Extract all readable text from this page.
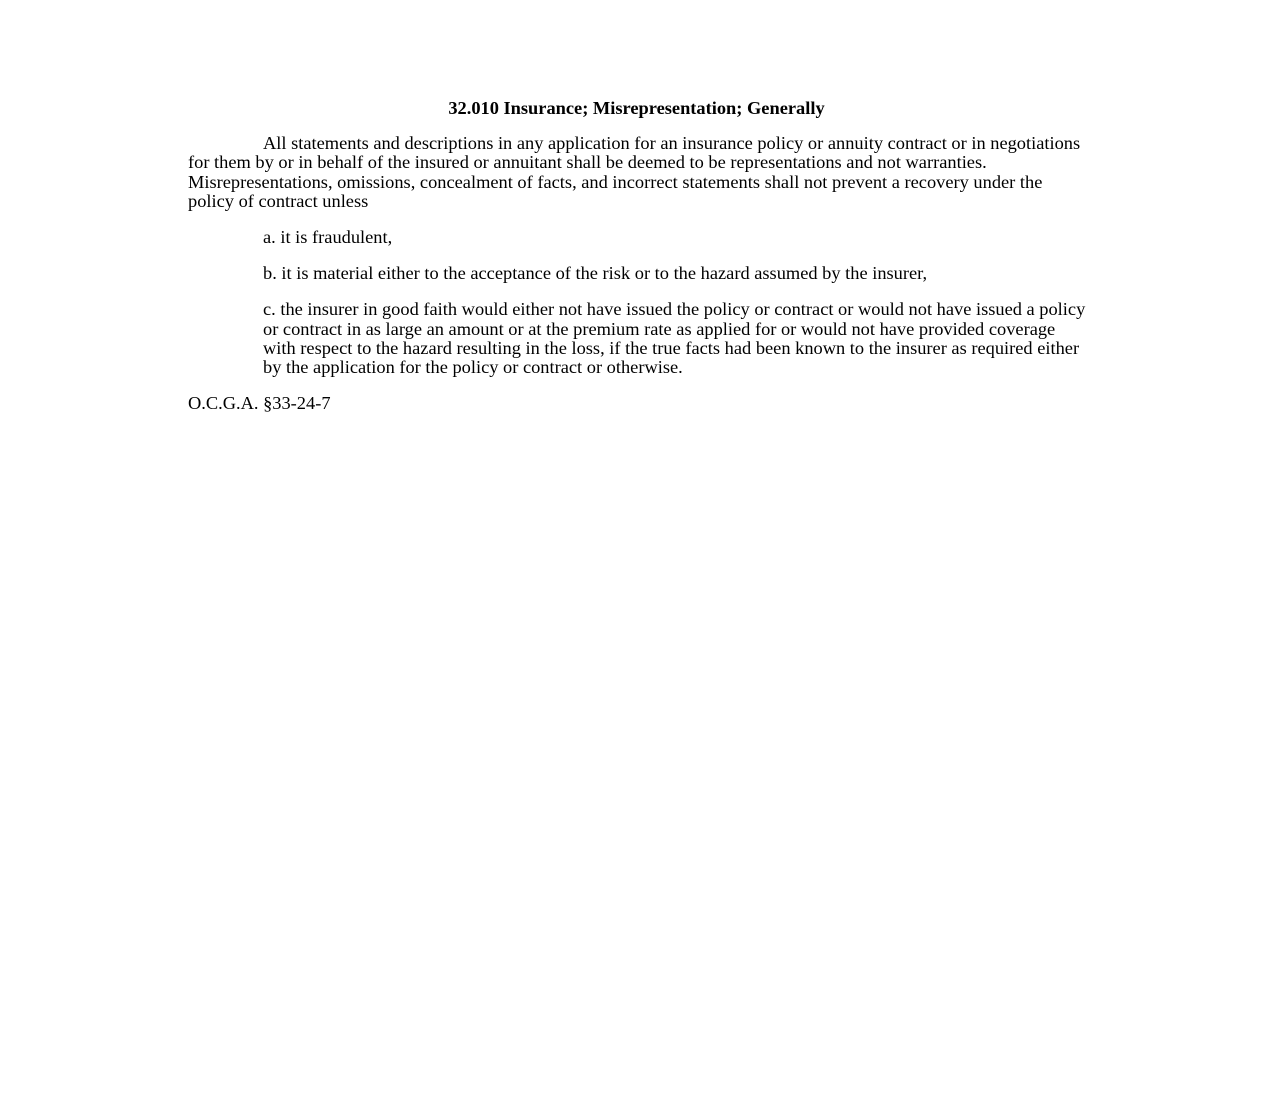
32.010 Insurance; Misrepresentation; Generally

All statements and descriptions in any application for an insurance policy or annuity contract or in negotiations for them by or in behalf of the insured or annuitant shall be deemed to be representations and not warranties. Misrepresentations, omissions, concealment of facts, and incorrect statements shall not prevent a recovery under the policy of contract unless

a. it is fraudulent,
b. it is material either to the acceptance of the risk or to the hazard assumed by the insurer,
c. the insurer in good faith would either not have issued the policy or contract or would not have issued a policy or contract in as large an amount or at the premium rate as applied for or would not have provided coverage with respect to the hazard resulting in the loss, if the true facts had been known to the insurer as required either by the application for the policy or contract or otherwise.

O.C.G.A. §33-24-7
